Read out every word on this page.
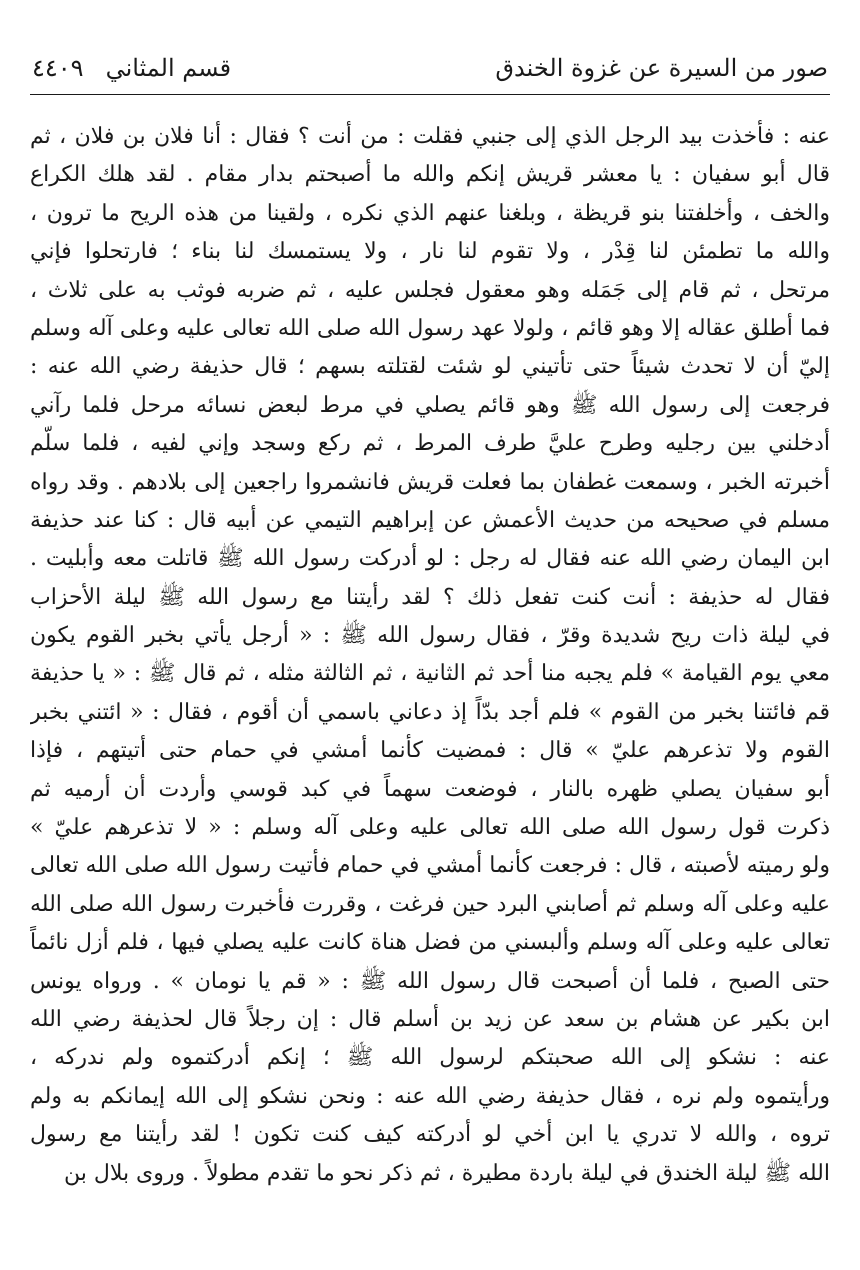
صور من السيرة عن غزوة الخندق
قسم المثاني
٤٤٠٩
عنه : فأخذت بيد الرجل الذي إلى جنبي فقلت : من أنت ؟ فقال : أنا فلان بن فلان ، ثم
قال أبو سفيان : يا معشر قريش إنكم والله ما أصبحتم بدار مقام . لقد هلك الكراع
والخف ، وأخلفتنا بنو قريظة ، وبلغنا عنهم الذي نكره ، ولقينا من هذه الريح ما ترون ،
والله ما تطمئن لنا قِدْر ، ولا تقوم لنا نار ، ولا يستمسك لنا بناء ؛ فارتحلوا فإني
مرتحل ، ثم قام إلى جَمَله وهو معقول فجلس عليه ، ثم ضربه فوثب به على ثلاث ،
فما أطلق عقاله إلا وهو قائم ، ولولا عهد رسول الله صلى الله تعالى عليه وعلى آله وسلم
إليّ أن لا تحدث شيئاً حتى تأتيني لو شئت لقتلته بسهم ؛ قال حذيفة رضي الله عنه :
فرجعت إلى رسول الله ﷺ وهو قائم يصلي في مرط لبعض نسائه مرحل فلما رآني
أدخلني بين رجليه وطرح عليَّ طرف المرط ، ثم ركع وسجد وإني لفيه ، فلما سلّم
أخبرته الخبر ، وسمعت غطفان بما فعلت قريش فانشمروا راجعين إلى بلادهم . وقد رواه
مسلم في صحيحه من حديث الأعمش عن إبراهيم التيمي عن أبيه قال : كنا عند حذيفة
ابن اليمان رضي الله عنه فقال له رجل : لو أدركت رسول الله ﷺ قاتلت معه وأبليت .
فقال له حذيفة : أنت كنت تفعل ذلك ؟ لقد رأيتنا مع رسول الله ﷺ ليلة الأحزاب
في ليلة ذات ريح شديدة وقرّ ، فقال رسول الله ﷺ : « أرجل يأتي بخبر القوم يكون
معي يوم القيامة » فلم يجبه منا أحد ثم الثانية ، ثم الثالثة مثله ، ثم قال ﷺ : « يا حذيفة
قم فائتنا بخبر من القوم » فلم أجد بدّاً إذ دعاني باسمي أن أقوم ، فقال : « ائتني بخبر
القوم ولا تذعرهم عليّ » قال : فمضيت كأنما أمشي في حمام حتى أتيتهم ، فإذا
أبو سفيان يصلي ظهره بالنار ، فوضعت سهماً في كبد قوسي وأردت أن أرميه ثم
ذكرت قول رسول الله صلى الله تعالى عليه وعلى آله وسلم : « لا تذعرهم عليّ »
ولو رميته لأصبته ، قال : فرجعت كأنما أمشي في حمام فأتيت رسول الله صلى الله تعالى
عليه وعلى آله وسلم ثم أصابني البرد حين فرغت ، وقررت فأخبرت رسول الله صلى الله
تعالى عليه وعلى آله وسلم وألبسني من فضل هناة كانت عليه يصلي فيها ، فلم أزل نائماً
حتى الصبح ، فلما أن أصبحت قال رسول الله ﷺ : « قم يا نومان » . ورواه يونس
ابن بكير عن هشام بن سعد عن زيد بن أسلم قال : إن رجلاً قال لحذيفة رضي الله
عنه : نشكو إلى الله صحبتكم لرسول الله ﷺ ؛ إنكم أدركتموه ولم ندركه ،
ورأيتموه ولم نره ، فقال حذيفة رضي الله عنه : ونحن نشكو إلى الله إيمانكم به ولم
تروه ، والله لا تدري يا ابن أخي لو أدركته كيف كنت تكون ! لقد رأيتنا مع رسول
الله ﷺ ليلة الخندق في ليلة باردة مطيرة ، ثم ذكر نحو ما تقدم مطولاً . وروى بلال بن
